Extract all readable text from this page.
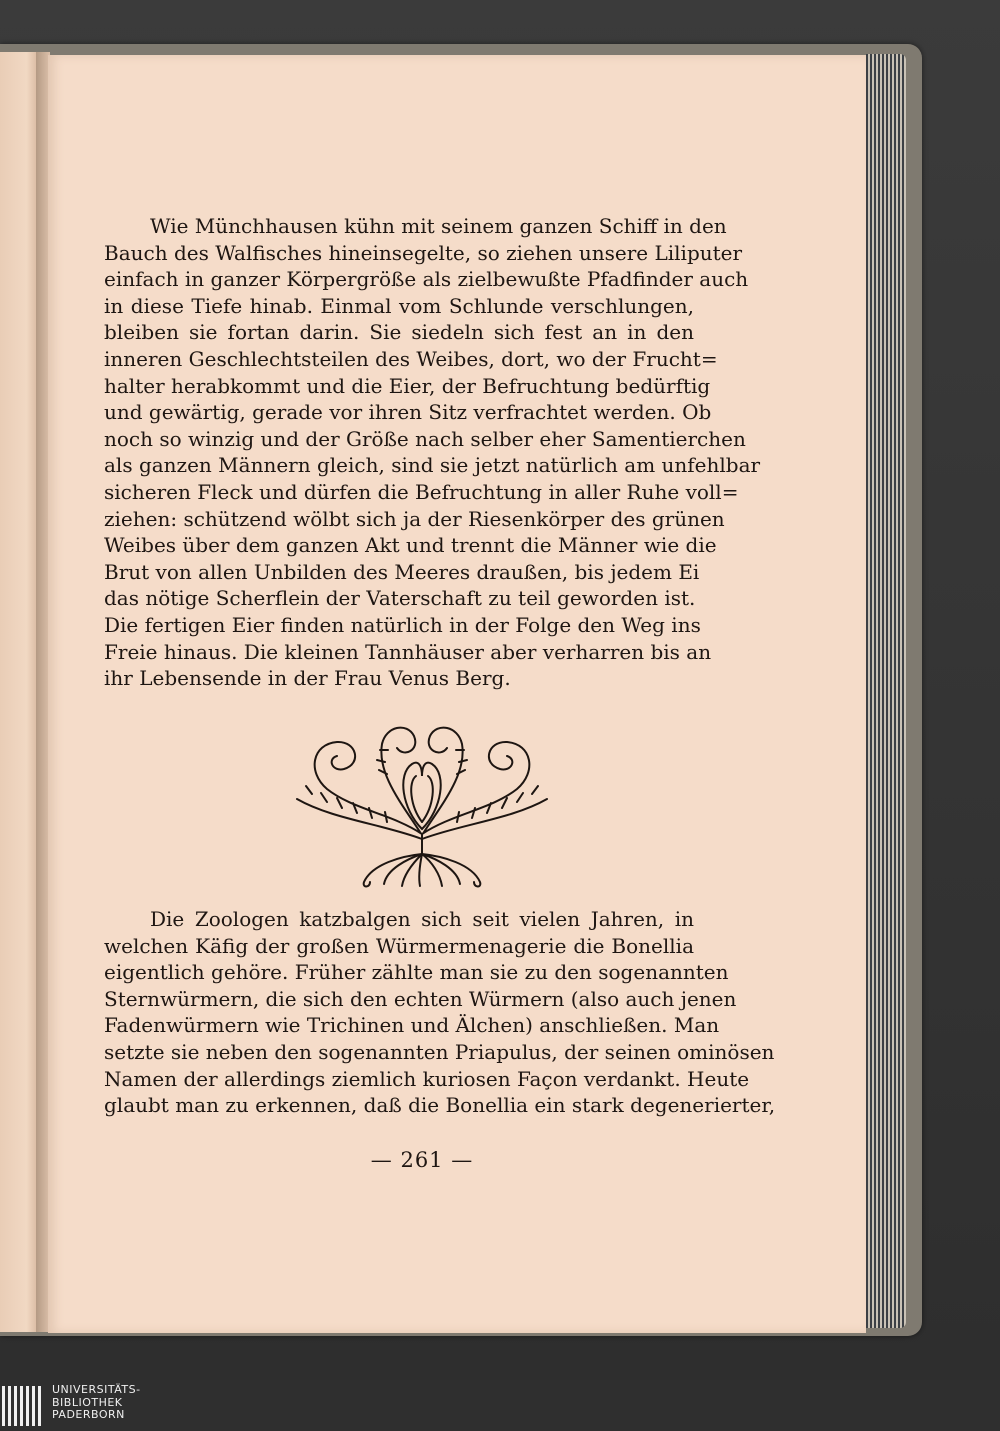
Wie Münchhausen kühn mit seinem ganzen Schiff in den
Bauch des Walfisches hineinsegelte, so ziehen unsere Liliputer
einfach in ganzer Körpergröße als zielbewußte Pfadfinder auch
in diese Tiefe hinab. Einmal vom Schlunde verschlungen,
bleiben sie fortan darin. Sie siedeln sich fest an in den
inneren Geschlechtsteilen des Weibes, dort, wo der Frucht=
halter herabkommt und die Eier, der Befruchtung bedürftig
und gewärtig, gerade vor ihren Sitz verfrachtet werden. Ob
noch so winzig und der Größe nach selber eher Samentierchen
als ganzen Männern gleich, sind sie jetzt natürlich am unfehlbar
sicheren Fleck und dürfen die Befruchtung in aller Ruhe voll=
ziehen: schützend wölbt sich ja der Riesenkörper des grünen
Weibes über dem ganzen Akt und trennt die Männer wie die
Brut von allen Unbilden des Meeres draußen, bis jedem Ei
das nötige Scherflein der Vaterschaft zu teil geworden ist.
Die fertigen Eier finden natürlich in der Folge den Weg ins
Freie hinaus. Die kleinen Tannhäuser aber verharren bis an
ihr Lebensende in der Frau Venus Berg.
Die Zoologen katzbalgen sich seit vielen Jahren, in
welchen Käfig der großen Würmermenagerie die Bonellia
eigentlich gehöre. Früher zählte man sie zu den sogenannten
Sternwürmern, die sich den echten Würmern (also auch jenen
Fadenwürmern wie Trichinen und Älchen) anschließen. Man
setzte sie neben den sogenannten Priapulus, der seinen ominösen
Namen der allerdings ziemlich kuriosen Façon verdankt. Heute
glaubt man zu erkennen, daß die Bonellia ein stark degenerierter,
— 261 —
UNIVERSITÄTS-
BIBLIOTHEK
PADERBORN
